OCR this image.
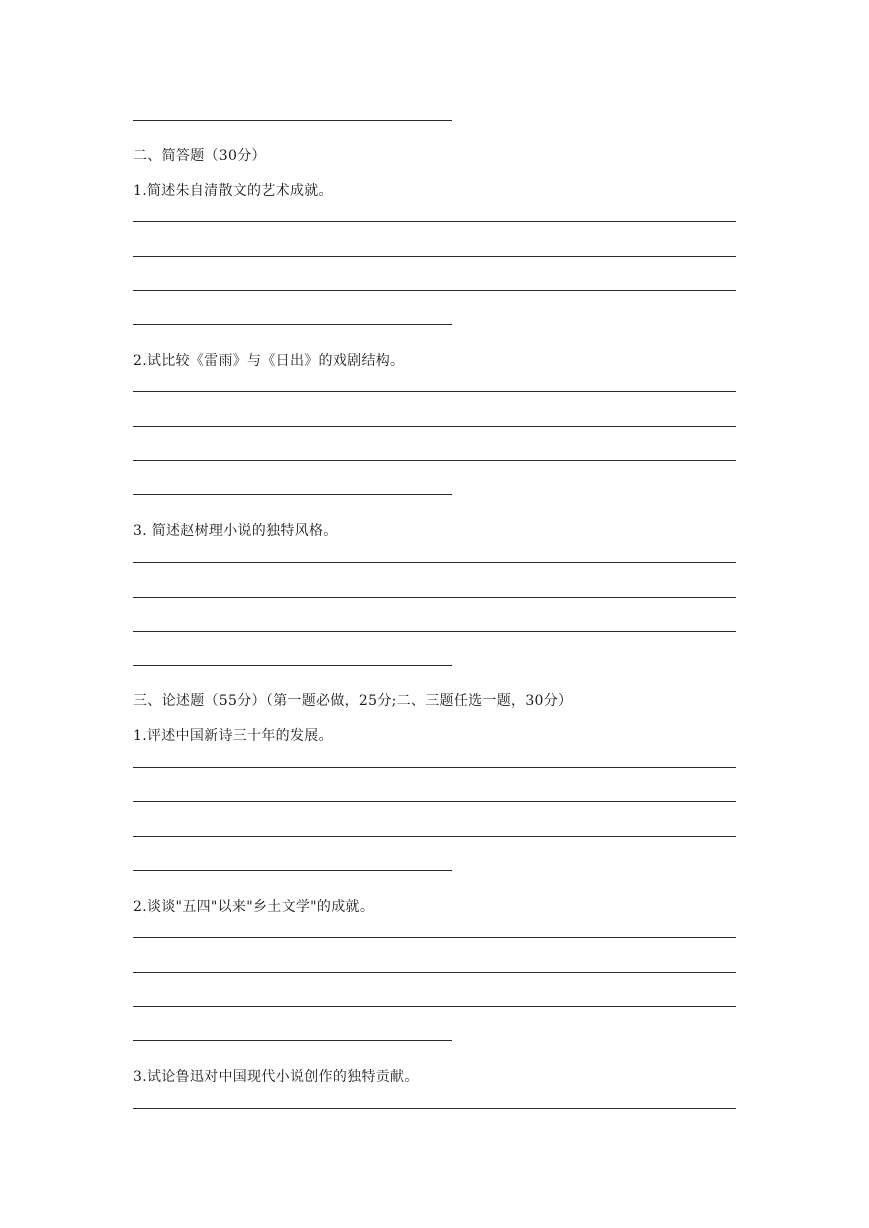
二、简答题（30分）
1.简述朱自清散文的艺术成就。
2.试比较《雷雨》与《日出》的戏剧结构。
3. 简述赵树理小说的独特风格。
三、论述题（55分）（第一题必做，25分;二、三题任选一题，30分）
1.评述中国新诗三十年的发展。
2.谈谈"五四"以来"乡土文学"的成就。
3.试论鲁迅对中国现代小说创作的独特贡献。
